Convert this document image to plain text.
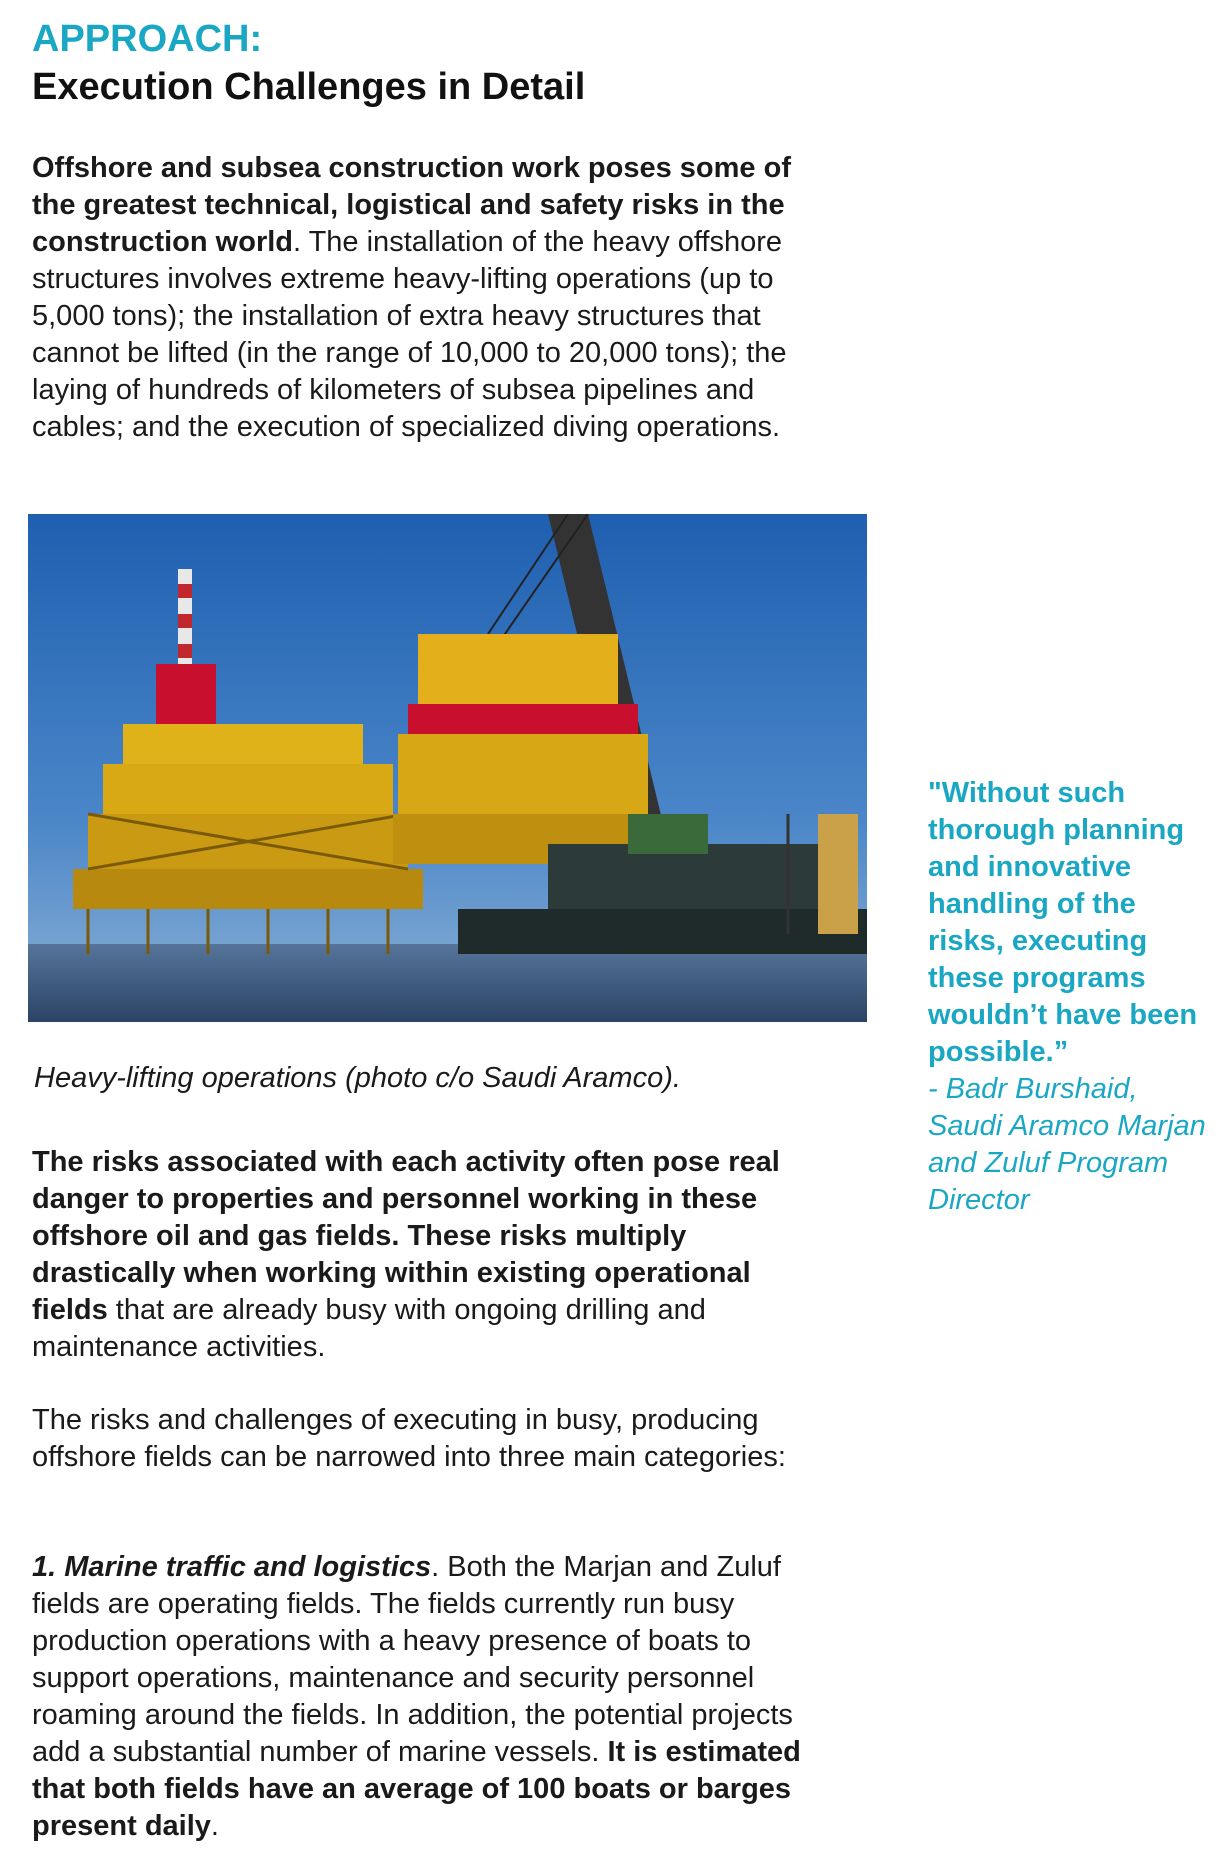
APPROACH:
Execution Challenges in Detail

Offshore and subsea construction work poses some of the greatest technical, logistical and safety risks in the construction world. The installation of the heavy offshore structures involves extreme heavy-lifting operations (up to 5,000 tons); the installation of extra heavy structures that cannot be lifted (in the range of 10,000 to 20,000 tons); the laying of hundreds of kilometers of subsea pipelines and cables; and the execution of specialized diving operations.

Heavy-lifting operations (photo c/o Saudi Aramco).

The risks associated with each activity often pose real danger to properties and personnel working in these offshore oil and gas fields. These risks multiply drastically when working within existing operational fields that are already busy with ongoing drilling and maintenance activities.

The risks and challenges of executing in busy, producing offshore fields can be narrowed into three main categories:

1. Marine traffic and logistics. Both the Marjan and Zuluf fields are operating fields. The fields currently run busy production operations with a heavy presence of boats to support operations, maintenance and security personnel roaming around the fields. In addition, the potential projects add a substantial number of marine vessels. It is estimated that both fields have an average of 100 boats or barges present daily.

"Without such thorough planning and innovative handling of the risks, executing these programs wouldn’t have been possible.”
- Badr Burshaid, Saudi Aramco Marjan and Zuluf Program Director
